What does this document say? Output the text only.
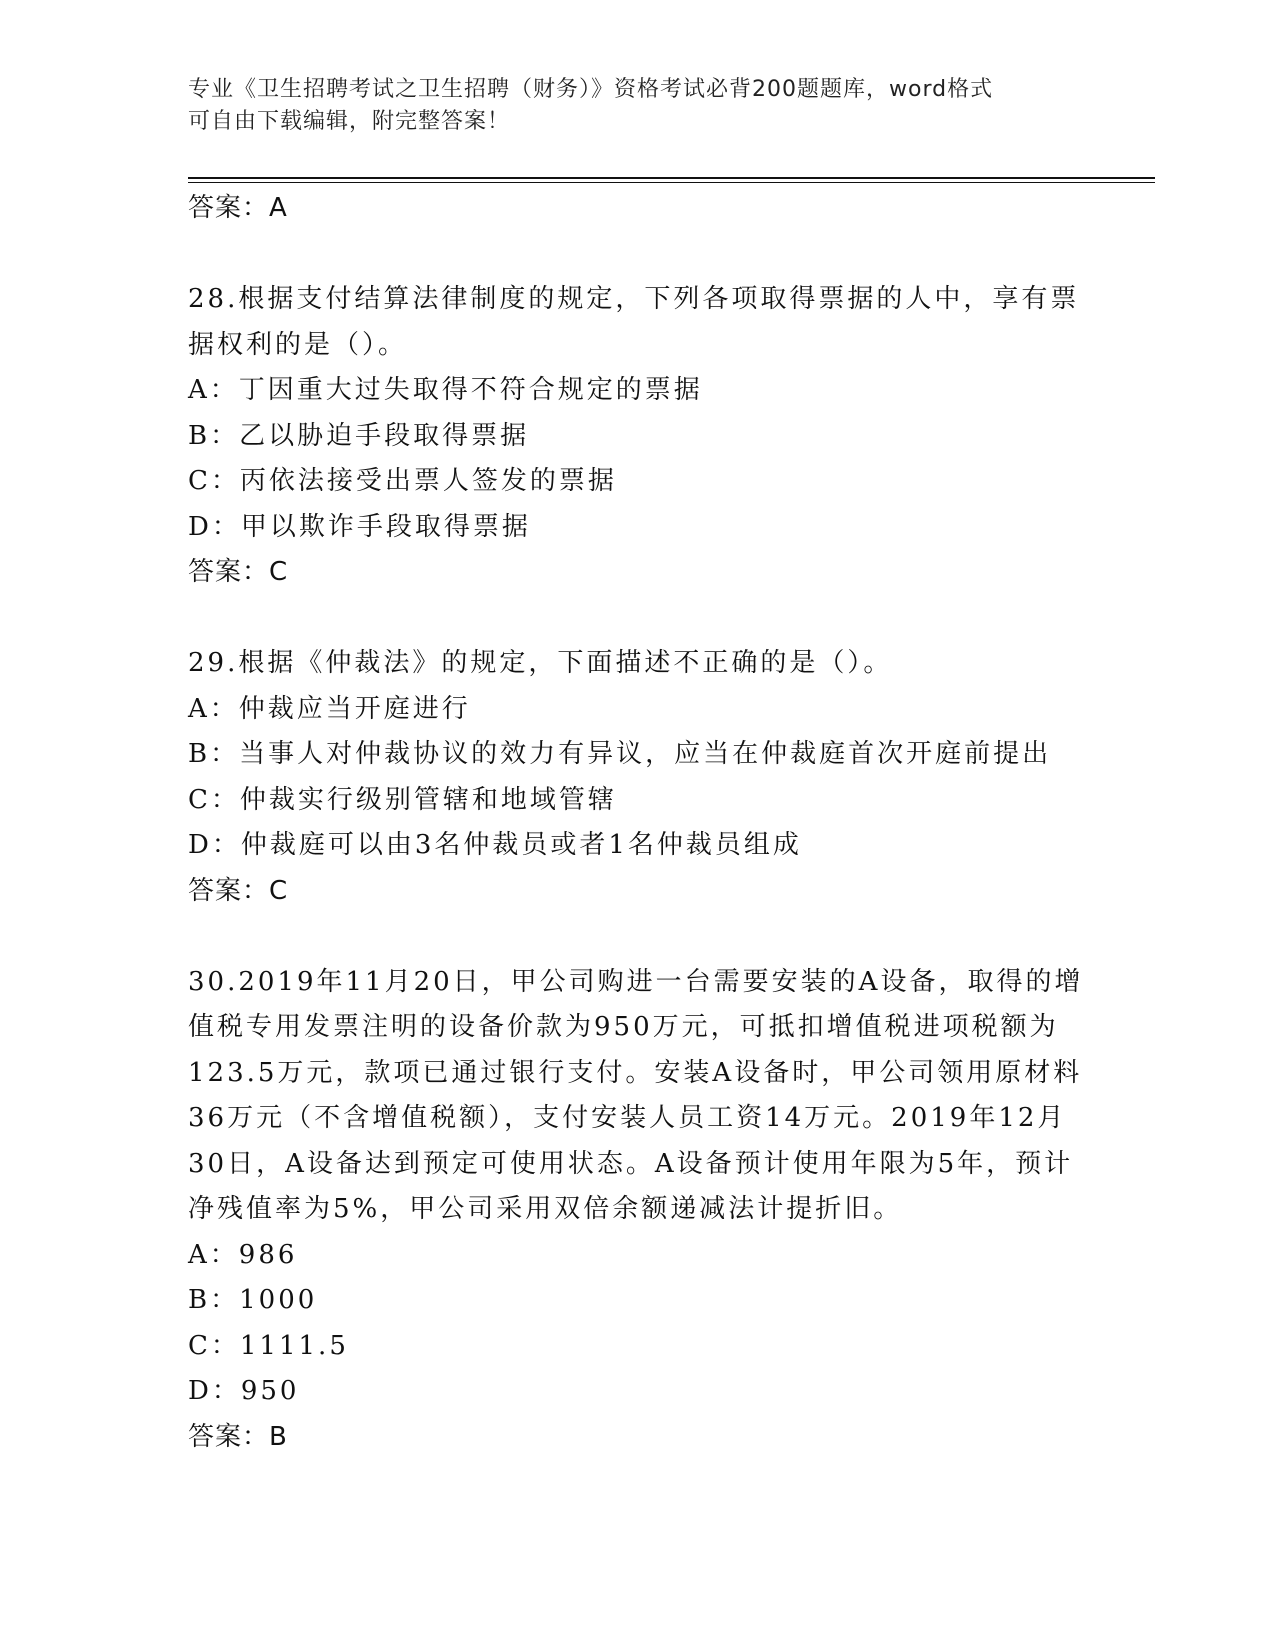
专业《卫生招聘考试之卫生招聘（财务）》资格考试必背200题题库，word格式
可自由下载编辑，附完整答案！
答案：A
28.根据支付结算法律制度的规定，下列各项取得票据的人中，享有票
据权利的是（）。
A：丁因重大过失取得不符合规定的票据
B：乙以胁迫手段取得票据
C：丙依法接受出票人签发的票据
D：甲以欺诈手段取得票据
答案：C
29.根据《仲裁法》的规定，下面描述不正确的是（）。
A：仲裁应当开庭进行
B：当事人对仲裁协议的效力有异议，应当在仲裁庭首次开庭前提出
C：仲裁实行级别管辖和地域管辖
D：仲裁庭可以由3名仲裁员或者1名仲裁员组成
答案：C
30.2019年11月20日，甲公司购进一台需要安装的A设备，取得的增
值税专用发票注明的设备价款为950万元，可抵扣增值税进项税额为
123.5万元，款项已通过银行支付。安装A设备时，甲公司领用原材料
36万元（不含增值税额），支付安装人员工资14万元。2019年12月
30日，A设备达到预定可使用状态。A设备预计使用年限为5年，预计
净残值率为5%，甲公司采用双倍余额递减法计提折旧。
A：986
B：1000
C：1111.5
D：950
答案：B
